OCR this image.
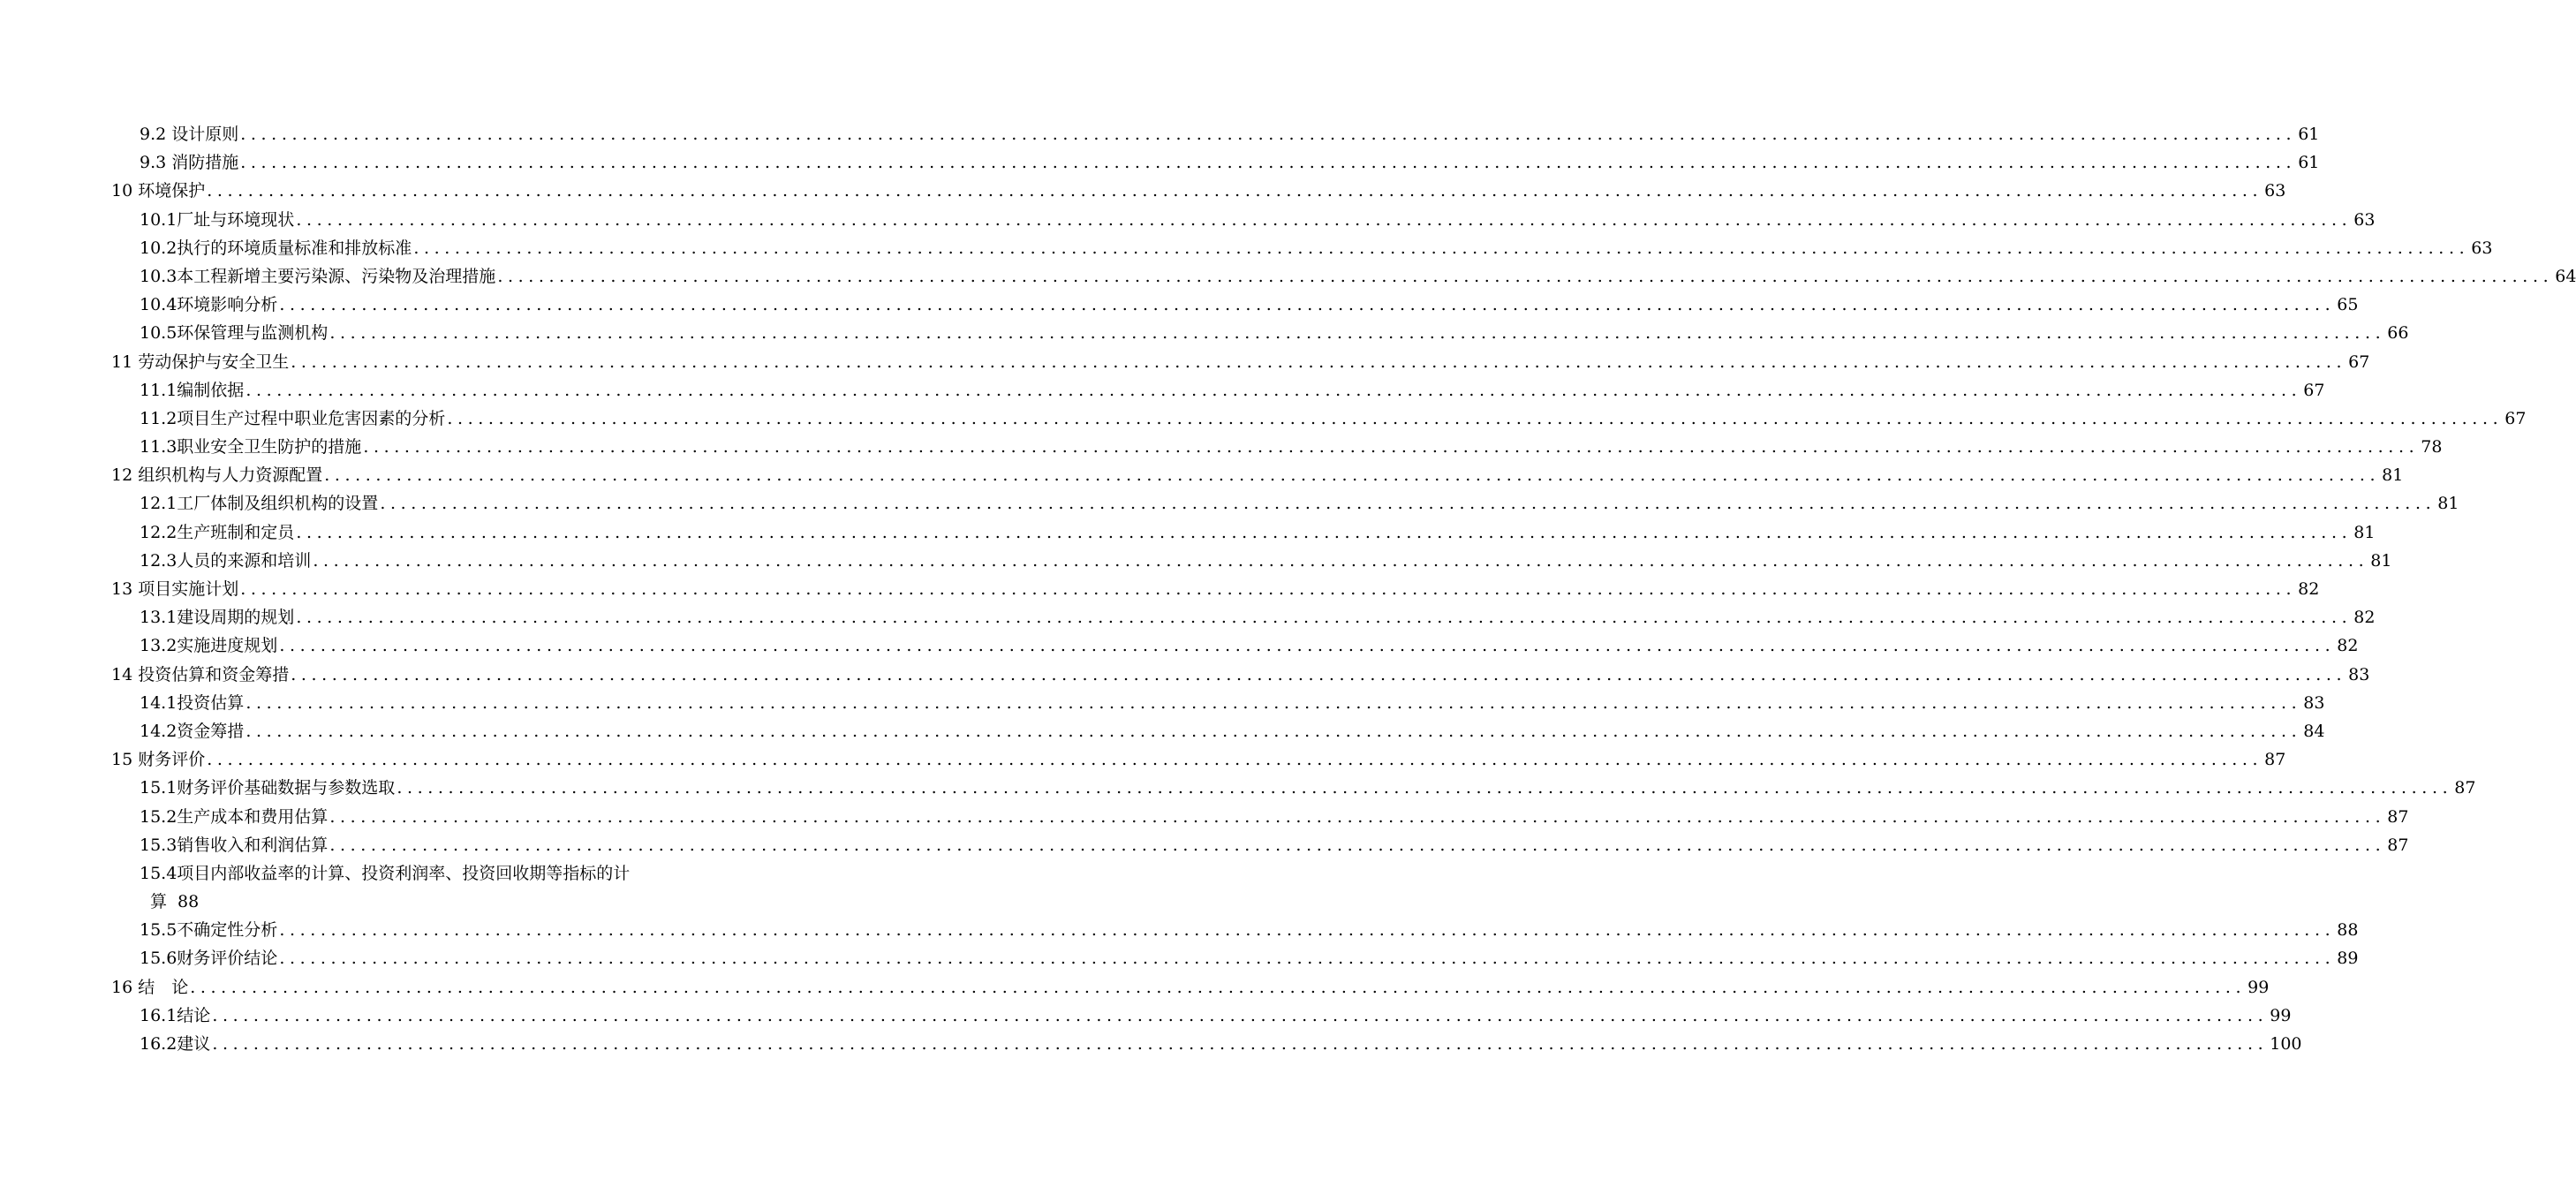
9.2 设计原则 ........................................................................................................................................................................................................ 61
9.3 消防措施 ........................................................................................................................................................................................................ 61
10 环境保护 ........................................................................................................................................................................................................ 63
10.1厂址与环境现状 ........................................................................................................................................................................................................ 63
10.2执行的环境质量标准和排放标准 ........................................................................................................................................................................................................ 63
10.3本工程新增主要污染源、污染物及治理措施 ........................................................................................................................................................................................................ 64
10.4环境影响分析 ........................................................................................................................................................................................................ 65
10.5环保管理与监测机构 ........................................................................................................................................................................................................ 66
11 劳动保护与安全卫生 ........................................................................................................................................................................................................ 67
11.1编制依据 ........................................................................................................................................................................................................ 67
11.2项目生产过程中职业危害因素的分析 ........................................................................................................................................................................................................ 67
11.3职业安全卫生防护的措施 ........................................................................................................................................................................................................ 78
12 组织机构与人力资源配置 ........................................................................................................................................................................................................ 81
12.1工厂体制及组织机构的设置 ........................................................................................................................................................................................................ 81
12.2生产班制和定员 ........................................................................................................................................................................................................ 81
12.3人员的来源和培训 ........................................................................................................................................................................................................ 81
13 项目实施计划 ........................................................................................................................................................................................................ 82
13.1建设周期的规划 ........................................................................................................................................................................................................ 82
13.2实施进度规划 ........................................................................................................................................................................................................ 82
14 投资估算和资金筹措 ........................................................................................................................................................................................................ 83
14.1投资估算 ........................................................................................................................................................................................................ 83
14.2资金筹措 ........................................................................................................................................................................................................ 84
15 财务评价 ........................................................................................................................................................................................................ 87
15.1财务评价基础数据与参数选取 ........................................................................................................................................................................................................ 87
15.2生产成本和费用估算 ........................................................................................................................................................................................................ 87
15.3销售收入和利润估算 ........................................................................................................................................................................................................ 87
15.4项目内部收益率的计算、投资利润率、投资回收期等指标的计
算 88
15.5不确定性分析 ........................................................................................................................................................................................................ 88
15.6财务评价结论 ........................................................................................................................................................................................................ 89
16 结　论 ........................................................................................................................................................................................................ 99
16.1结论 ........................................................................................................................................................................................................ 99
16.2建议 ........................................................................................................................................................................................................ 100
